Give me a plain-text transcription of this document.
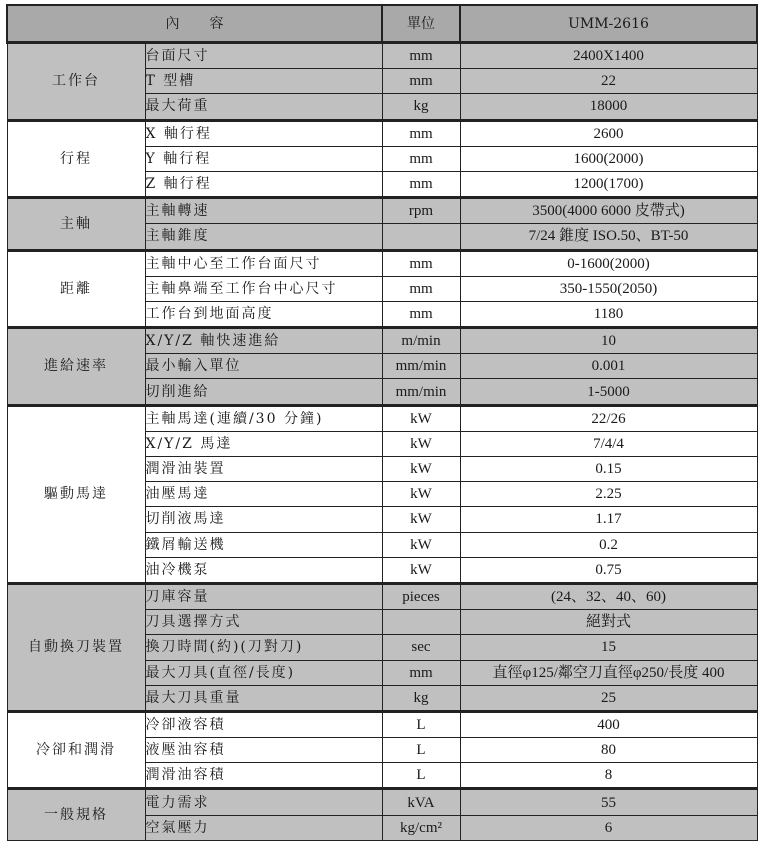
內容		單位	UMM-2616
工作台	台面尺寸	mm	2400X1400
	T 型槽	mm	22
	最大荷重	kg	18000
行程	X 軸行程	mm	2600
	Y 軸行程	mm	1600(2000)
	Z 軸行程	mm	1200(1700)
主軸	主軸轉速	rpm	3500(4000 6000 皮帶式)
	主軸錐度		7/24 錐度 ISO.50、BT-50
距離	主軸中心至工作台面尺寸	mm	0-1600(2000)
	主軸鼻端至工作台中心尺寸	mm	350-1550(2050)
	工作台到地面高度	mm	1180
進給速率	X/Y/Z 軸快速進給	m/min	10
	最小輸入單位	mm/min	0.001
	切削進給	mm/min	1-5000
驅動馬達	主軸馬達(連續/30 分鐘)	kW	22/26
	X/Y/Z 馬達	kW	7/4/4
	潤滑油裝置	kW	0.15
	油壓馬達	kW	2.25
	切削液馬達	kW	1.17
	鐵屑輸送機	kW	0.2
	油冷機泵	kW	0.75
自動換刀裝置	刀庫容量	pieces	(24、32、40、60)
	刀具選擇方式		絕對式
	換刀時間(約)(刀對刀)	sec	15
	最大刀具(直徑/長度)	mm	直徑φ125/鄰空刀直徑φ250/長度 400
	最大刀具重量	kg	25
冷卻和潤滑	冷卻液容積	L	400
	液壓油容積	L	80
	潤滑油容積	L	8
一般規格	電力需求	kVA	55
	空氣壓力	kg/cm²	6
